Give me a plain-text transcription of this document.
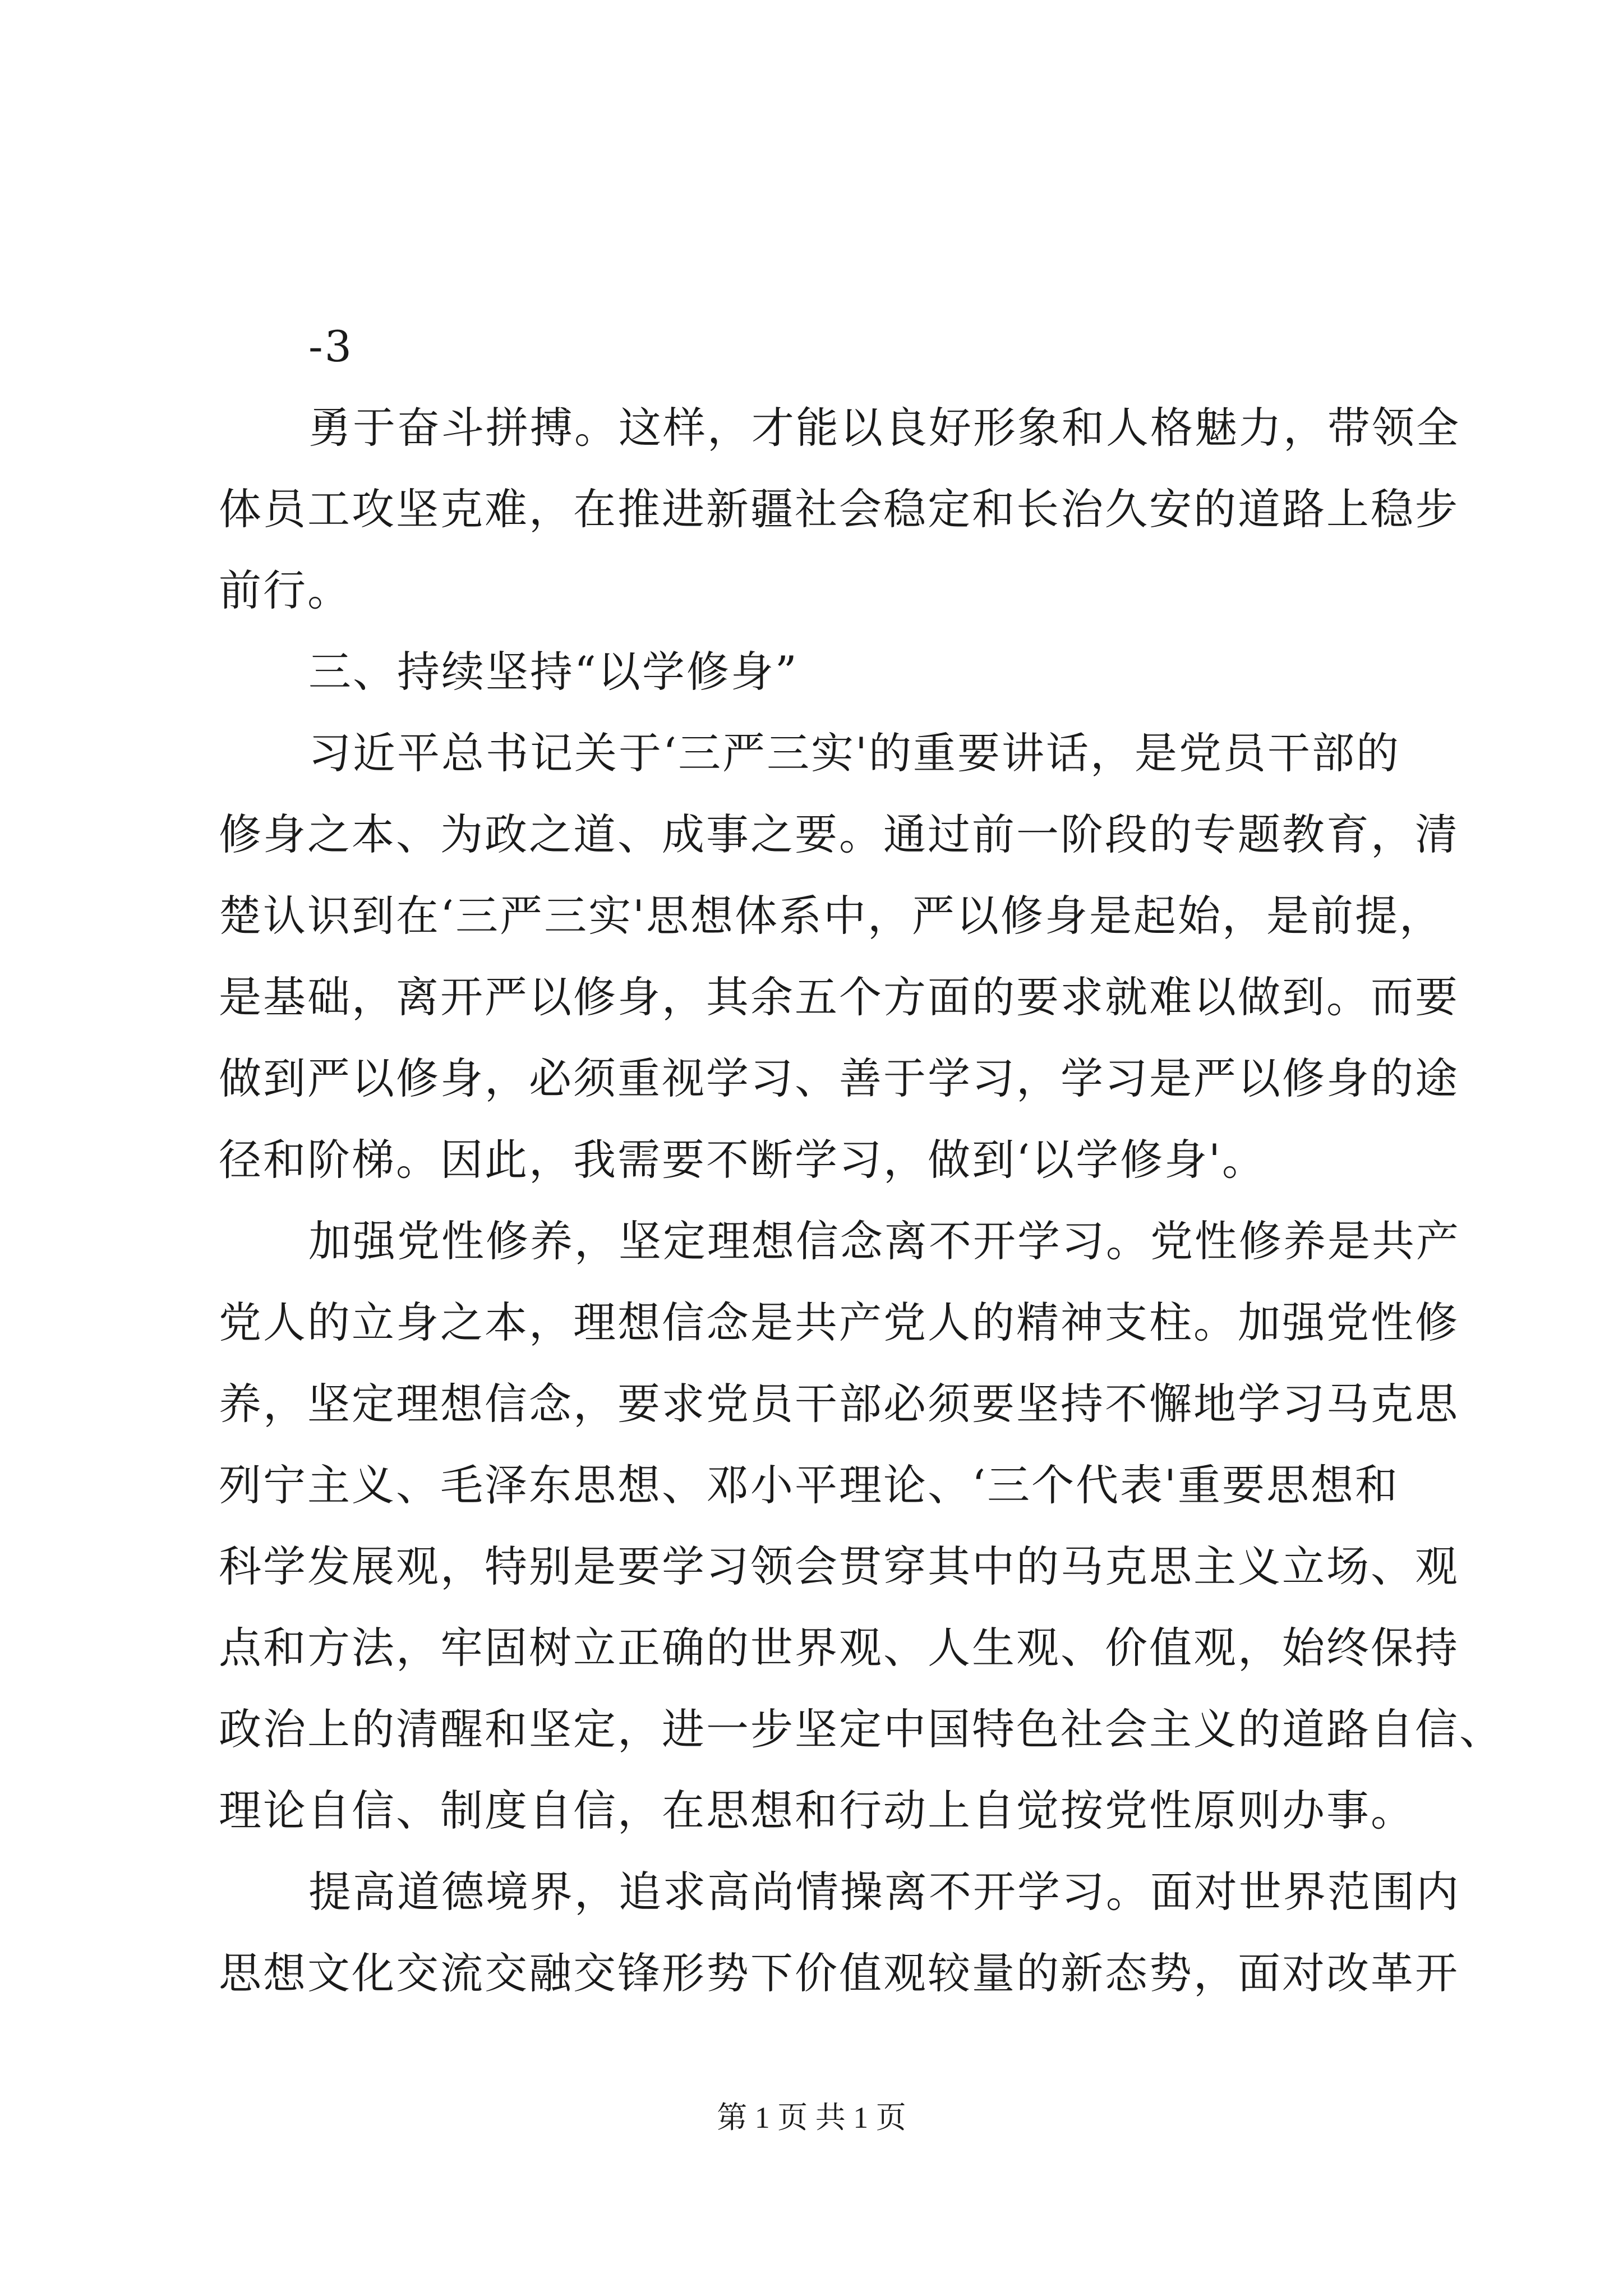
-3
勇于奋斗拼搏。这样，才能以良好形象和人格魅力，带领全
体员工攻坚克难，在推进新疆社会稳定和长治久安的道路上稳步
前行。
三、持续坚持“以学修身”
习近平总书记关于‘三严三实'的重要讲话，是党员干部的
修身之本、为政之道、成事之要。通过前一阶段的专题教育，清
楚认识到在‘三严三实'思想体系中，严以修身是起始，是前提，
是基础，离开严以修身，其余五个方面的要求就难以做到。而要
做到严以修身，必须重视学习、善于学习，学习是严以修身的途
径和阶梯。因此，我需要不断学习，做到‘以学修身'。
加强党性修养，坚定理想信念离不开学习。党性修养是共产
党人的立身之本，理想信念是共产党人的精神支柱。加强党性修
养，坚定理想信念，要求党员干部必须要坚持不懈地学习马克思
列宁主义、毛泽东思想、邓小平理论、‘三个代表'重要思想和
科学发展观，特别是要学习领会贯穿其中的马克思主义立场、观
点和方法，牢固树立正确的世界观、人生观、价值观，始终保持
政治上的清醒和坚定，进一步坚定中国特色社会主义的道路自信、
理论自信、制度自信，在思想和行动上自觉按党性原则办事。
提高道德境界，追求高尚情操离不开学习。面对世界范围内
思想文化交流交融交锋形势下价值观较量的新态势，面对改革开
第 1 页 共 1 页
